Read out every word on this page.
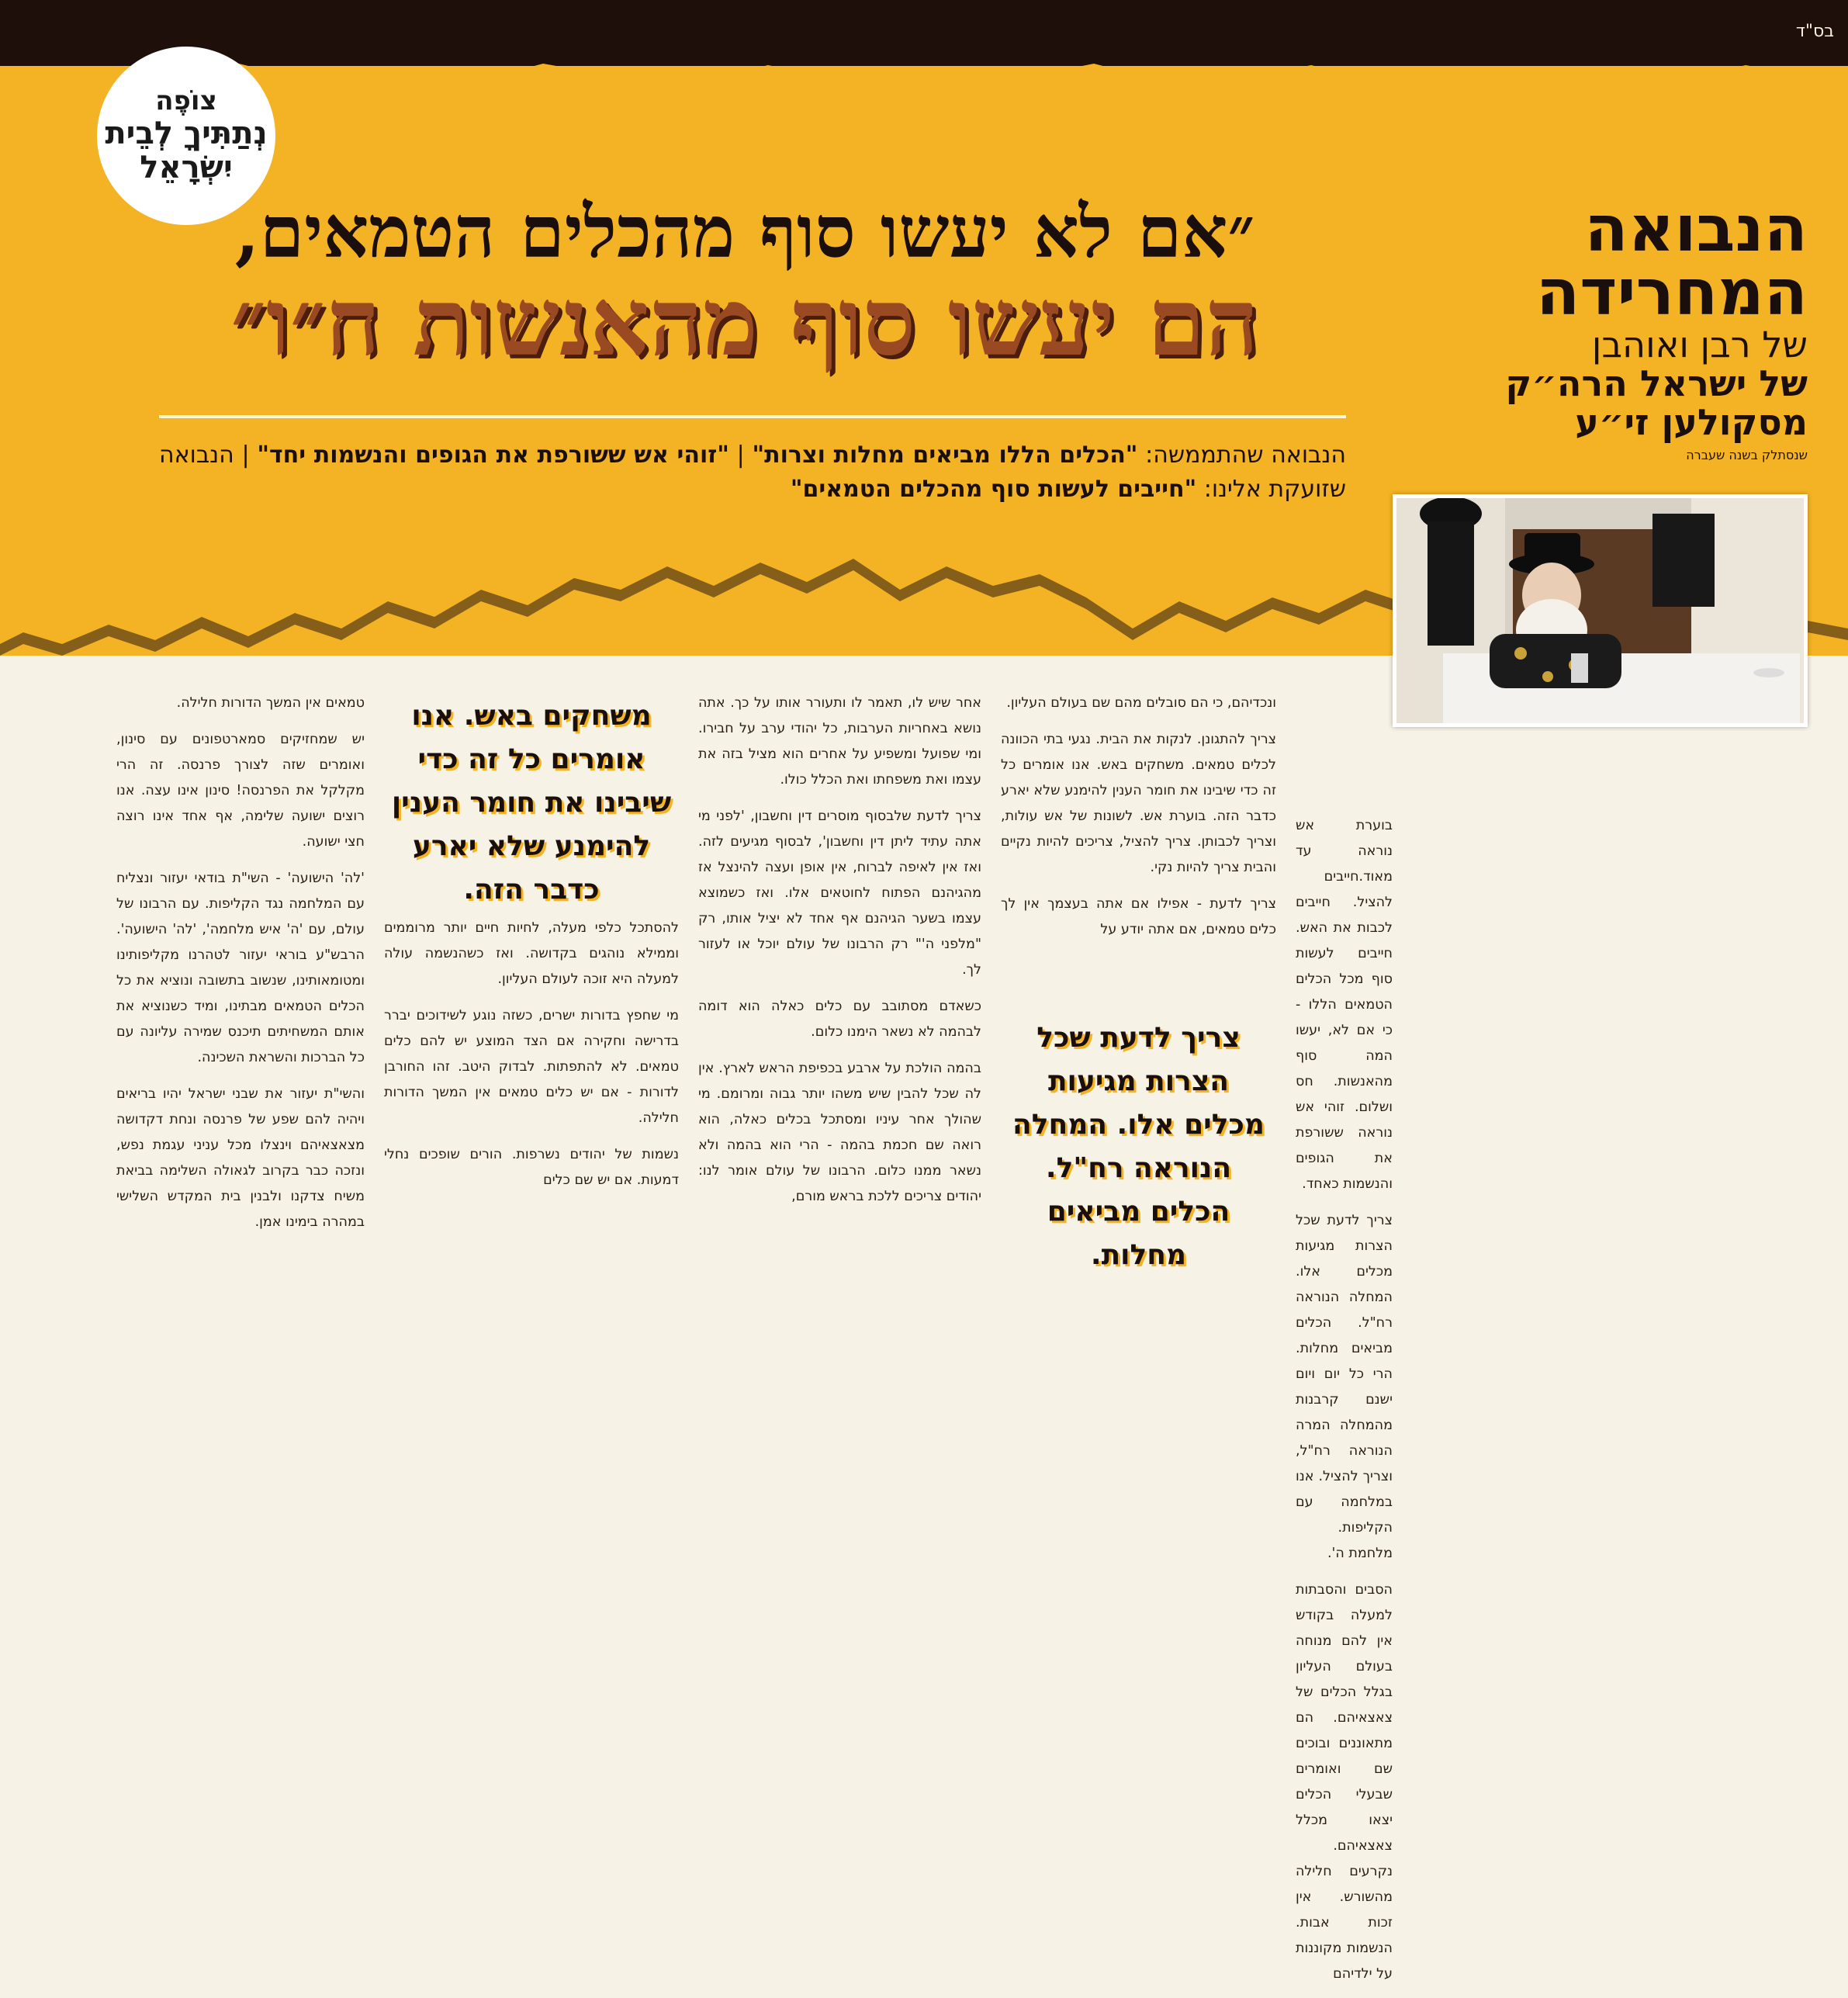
בס"ד
צוֹפֶה
נְתַתִּיךָ לְבֵית
יִשְׂרָאֵל
״אם לא יעשו סוף מהכלים הטמאים,
הם יעשו סוף מהאנשות ח״ו״
הנבואה שהתממשה: "הכלים הללו מביאים מחלות וצרות" | "זוהי אש ששורפת את הגופים והנשמות יחד" | הנבואה שזועקת אלינו: "חייבים לעשות סוף מהכלים הטמאים"
הנבואה
המחרידה
של רבן ואוהבן
של ישראל הרה״ק
מסקולען זי״ע
שנסתלק בשנה שעברה

בוערת אש נוראה עד מאוד.חייבים להציל. חייבים לכבות את האש. חייבים לעשות סוף מכל הכלים הטמאים הללו - כי אם לא, יעשו המה סוף מהאנשות. חס ושלום. זוהי אש נוראה ששורפת את הגופים והנשמות כאחד.

צריך לדעת שכל הצרות מגיעות מכלים אלו. המחלה הנוראה רח"ל. הכלים מביאים מחלות. הרי כל יום ויום ישנם קרבנות מהמחלה המרה הנוראה רח"ל, וצריך להציל. אנו במלחמה עם הקליפות. מלחמת ה'.

הסבים והסבתות למעלה בקודש אין להם מנוחה בעולם העליון בגלל הכלים של צאצאיהם. הם מתאוננים ובוכים שם ואומרים שבעלי הכלים יצאו מכלל צאצאיהם. נקרעים חלילה מהשורש. אין זכות אבות. הנשמות מקוננות על ילדיהם

ונכדיהם, כי הם סובלים מהם שם בעולם העליון.

צריך להתגונן. לנקות את הבית. נגעי בתי הכוונה לכלים טמאים. משחקים באש. אנו אומרים כל זה כדי שיבינו את חומר הענין להימנע שלא יארע כדבר הזה. בוערת אש. לשונות של אש עולות, וצריך לכבותן. צריך להציל, צריכים להיות נקיים והבית צריך להיות נקי.

צריך לדעת - אפילו אם אתה בעצמך אין לך כלים טמאים, אם אתה יודע על

צריך לדעת שכל הצרות מגיעות מכלים אלו. המחלה הנוראה רח"ל. הכלים מביאים מחלות.

אחר שיש לו, תאמר לו ותעורר אותו על כך. אתה נושא באחריות הערבות, כל יהודי ערב על חבירו. ומי שפועל ומשפיע על אחרים הוא מציל בזה את עצמו ואת משפחתו ואת הכלל כולו.

צריך לדעת שלבסוף מוסרים דין וחשבון, 'לפני מי אתה עתיד ליתן דין וחשבון', לבסוף מגיעים לזה. ואז אין לאיפה לברוח, אין אופן ועצה להינצל אז מהגיהנם הפתוח לחוטאים אלו. ואז כשמוצא עצמו בשער הגיהנם אף אחד לא יציל אותו, רק "מלפני ה'" רק הרבונו של עולם יוכל או לעזור לך.

כשאדם מסתובב עם כלים כאלה הוא דומה לבהמה לא נשאר הימנו כלום.

בהמה הולכת על ארבע בכפיפת הראש לארץ. אין לה שכל להבין שיש משהו יותר גבוה ומרומם. מי שהולך אחר עיניו ומסתכל בכלים כאלה, הוא רואה שם חכמת בהמה - הרי הוא בהמה ולא נשאר ממנו כלום. הרבונו של עולם אומר לנו: יהודים צריכים ללכת בראש מורם,

משחקים באש. אנו אומרים כל זה כדי שיבינו את חומר הענין להימנע שלא יארע כדבר הזה.

להסתכל כלפי מעלה, לחיות חיים יותר מרוממים וממילא נוהגים בקדושה. ואז כשהנשמה עולה למעלה היא זוכה לעולם העליון.

מי שחפץ בדורות ישרים, כשזה נוגע לשידוכים יברר בדרישה וחקירה אם הצד המוצע יש להם כלים טמאים. לא להתפתות. לבדוק היטב. זהו החורבן לדורות - אם יש כלים טמאים אין המשך הדורות חלילה.

נשמות של יהודים נשרפות. הורים שופכים נחלי דמעות. אם יש שם כלים

טמאים אין המשך הדורות חלילה.

יש שמחזיקים סמארטפונים עם סינון, ואומרים שזה לצורך פרנסה. זה הרי מקלקל את הפרנסה! סינון אינו עצה. אנו רוצים ישועה שלימה, אף אחד אינו רוצה חצי ישועה.

'לה' הישועה' - השי"ת בודאי יעזור ונצליח עם המלחמה נגד הקליפות. עם הרבונו של עולם, עם 'ה' איש מלחמה', 'לה' הישועה'. הרבש"ע בוראי יעזור לטהרנו מקליפותינו ומטומאותינו, שנשוב בתשובה ונוציא את כל הכלים הטמאים מבתינו, ומיד כשנוציא את אותם המשחיתים תיכנס שמירה עליונה עם כל הברכות והשראת השכינה.

והשי"ת יעזור את שבני ישראל יהיו בריאים ויהיה להם שפע של פרנסה ונחת דקדושה מצאצאיהם וינצלו מכל עניני עגמת נפש, ונזכה כבר בקרוב לגאולה השלימה בביאת משיח צדקנו ולבנין בית המקדש השלישי במהרה בימינו אמן.
